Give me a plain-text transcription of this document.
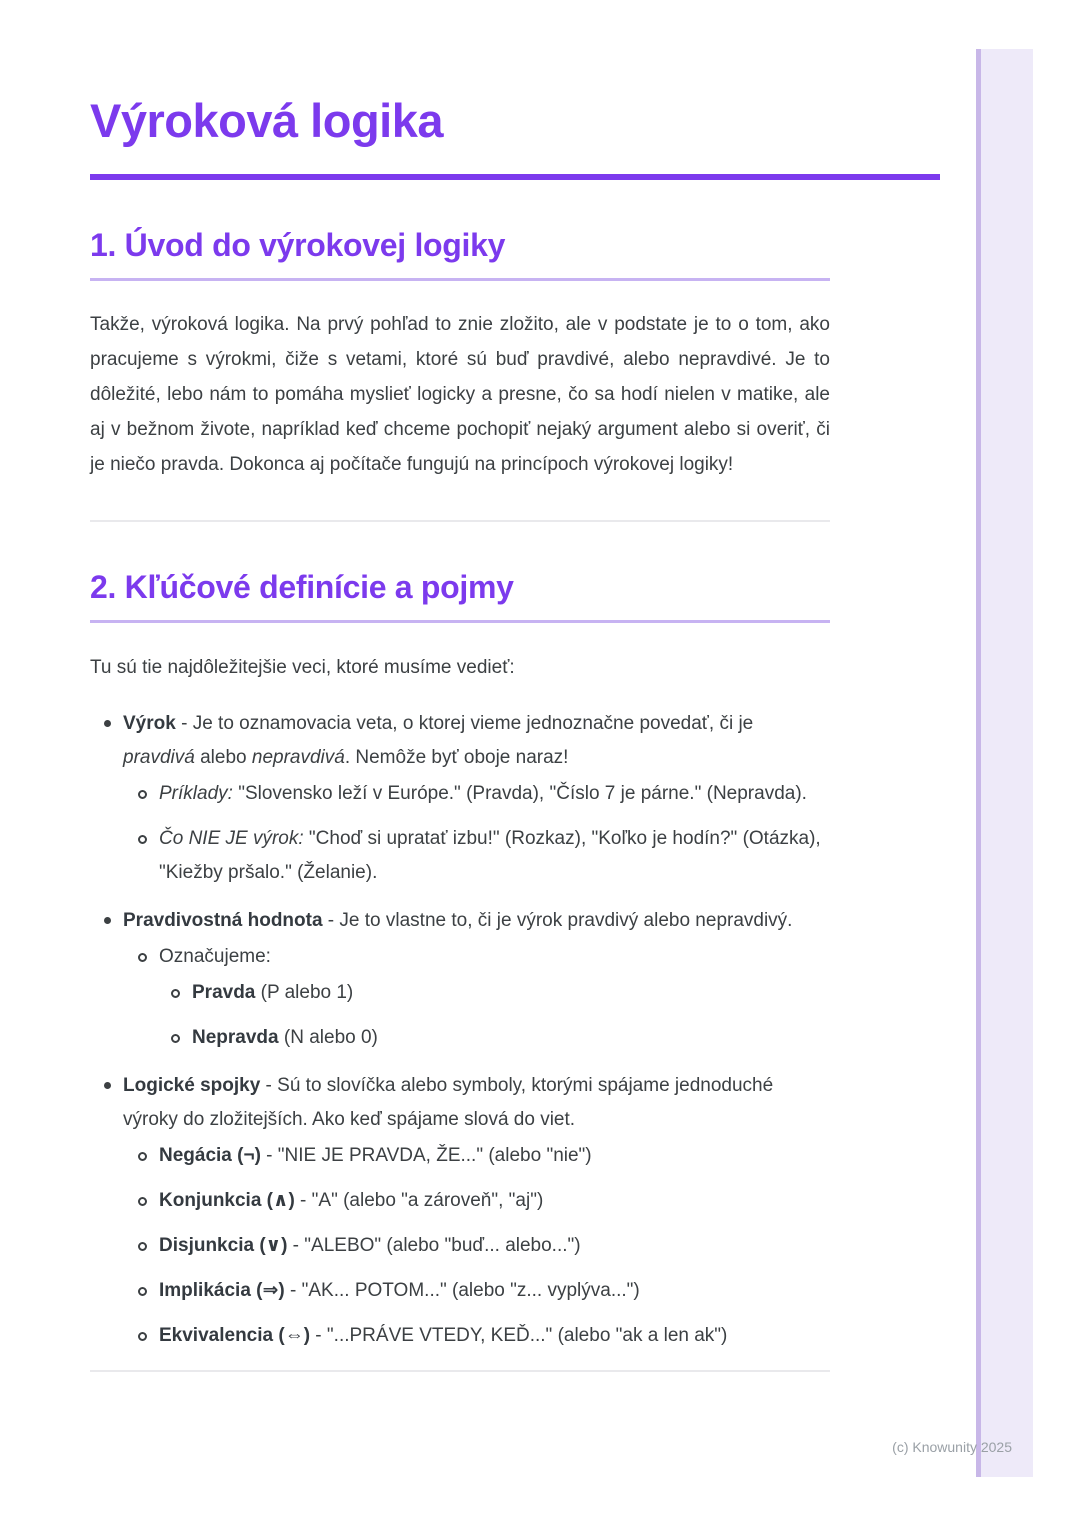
Výroková logika
1. Úvod do výrokovej logiky

Takže, výroková logika. Na prvý pohľad to znie zložito, ale v podstate je to o tom, ako pracujeme s výrokmi, čiže s vetami, ktoré sú buď pravdivé, alebo nepravdivé. Je to dôležité, lebo nám to pomáha myslieť logicky a presne, čo sa hodí nielen v matike, ale aj v bežnom živote, napríklad keď chceme pochopiť nejaký argument alebo si overiť, či je niečo pravda. Dokonca aj počítače fungujú na princípoch výrokovej logiky!

2. Kľúčové definície a pojmy

Tu sú tie najdôležitejšie veci, ktoré musíme vedieť:

Výrok - Je to oznamovacia veta, o ktorej vieme jednoznačne povedať, či je pravdivá alebo nepravdivá. Nemôže byť oboje naraz!
Príklady: "Slovensko leží v Európe." (Pravda), "Číslo 7 je párne." (Nepravda).
Čo NIE JE výrok: "Choď si upratať izbu!" (Rozkaz), "Koľko je hodín?" (Otázka), "Kiežby pršalo." (Želanie).
Pravdivostná hodnota - Je to vlastne to, či je výrok pravdivý alebo nepravdivý.
Označujeme:
Pravda (P alebo 1)
Nepravda (N alebo 0)
Logické spojky - Sú to slovíčka alebo symboly, ktorými spájame jednoduché výroky do zložitejších. Ako keď spájame slová do viet.
Negácia (¬) - "NIE JE PRAVDA, ŽE..." (alebo "nie")
Konjunkcia (∧) - "A" (alebo "a zároveň", "aj")
Disjunkcia (∨) - "ALEBO" (alebo "buď... alebo...")
Implikácia (⇒) - "AK... POTOM..." (alebo "z... vyplýva...")
Ekvivalencia (⇔) - "...PRÁVE VTEDY, KEĎ..." (alebo "ak a len ak")
(c) Knowunity 2025
